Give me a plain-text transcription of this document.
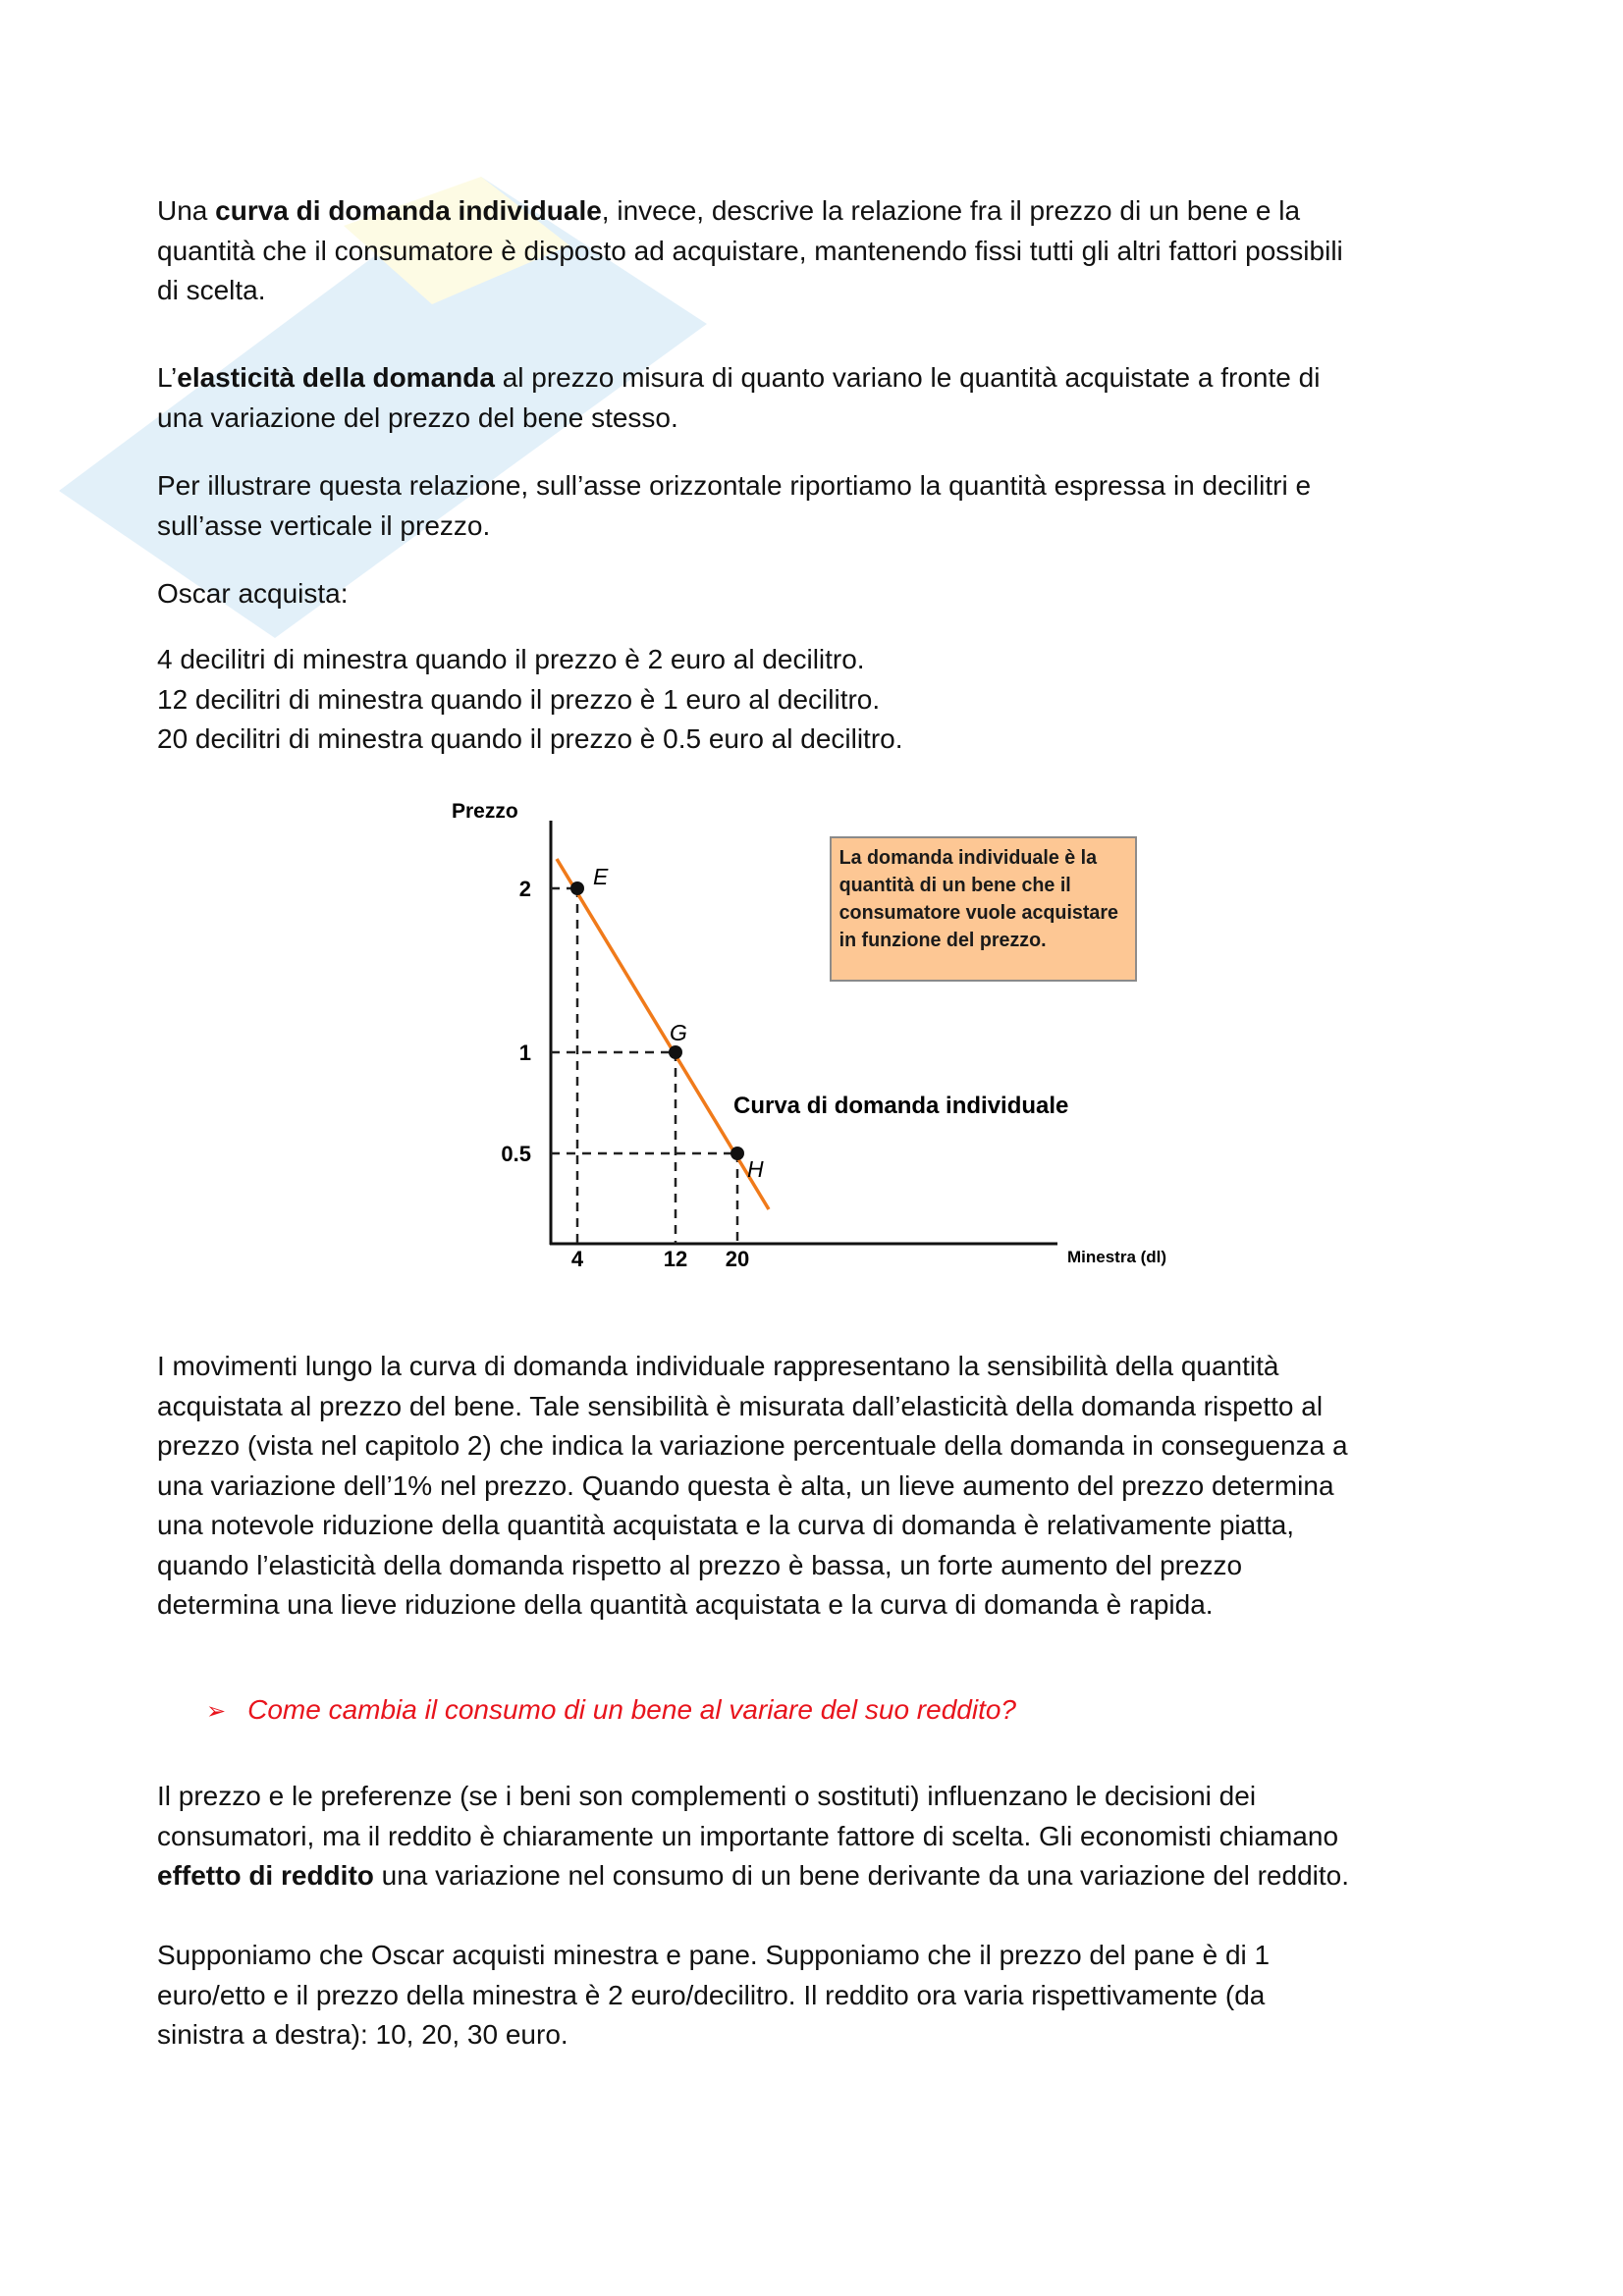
Una curva di domanda individuale, invece, descrive la relazione fra il prezzo di un bene e la
quantità che il consumatore è disposto ad acquistare, mantenendo fissi tutti gli altri fattori possibili
di scelta.
L’elasticità della domanda al prezzo misura di quanto variano le quantità acquistate a fronte di
una variazione del prezzo del bene stesso.
Per illustrare questa relazione, sull’asse orizzontale riportiamo la quantità espressa in decilitri e
sull’asse verticale il prezzo.
Oscar acquista:
4 decilitri di minestra quando il prezzo è 2 euro al decilitro.
12 decilitri di minestra quando il prezzo è 1 euro al decilitro.
20 decilitri di minestra quando il prezzo è 0.5 euro al decilitro.
I movimenti lungo la curva di domanda individuale rappresentano la sensibilità della quantità
acquistata al prezzo del bene. Tale sensibilità è misurata dall’elasticità della domanda rispetto al
prezzo (vista nel capitolo 2) che indica la variazione percentuale della domanda in conseguenza a
una variazione dell’1% nel prezzo. Quando questa è alta, un lieve aumento del prezzo determina
una notevole riduzione della quantità acquistata e la curva di domanda è relativamente piatta,
quando l’elasticità della domanda rispetto al prezzo è bassa, un forte aumento del prezzo
determina una lieve riduzione della quantità acquistata e la curva di domanda è rapida.
Il prezzo e le preferenze (se i beni son complementi o sostituti) influenzano le decisioni dei
consumatori, ma il reddito è chiaramente un importante fattore di scelta. Gli economisti chiamano
effetto di reddito una variazione nel consumo di un bene derivante da una variazione del reddito.
Supponiamo che Oscar acquisti minestra e pane. Supponiamo che il prezzo del pane è di 1
euro/etto e il prezzo della minestra è 2 euro/decilitro. Il reddito ora varia rispettivamente (da
sinistra a destra): 10, 20, 30 euro.
➢ Come cambia il consumo di un bene al variare del suo reddito?
Prezzo
Minestra (dl)
4
2
12
1
20
0.5
E
G
H
Curva di domanda individuale
La domanda individuale è la quantità di un bene che il consumatore vuole acquistare in funzione del prezzo.
